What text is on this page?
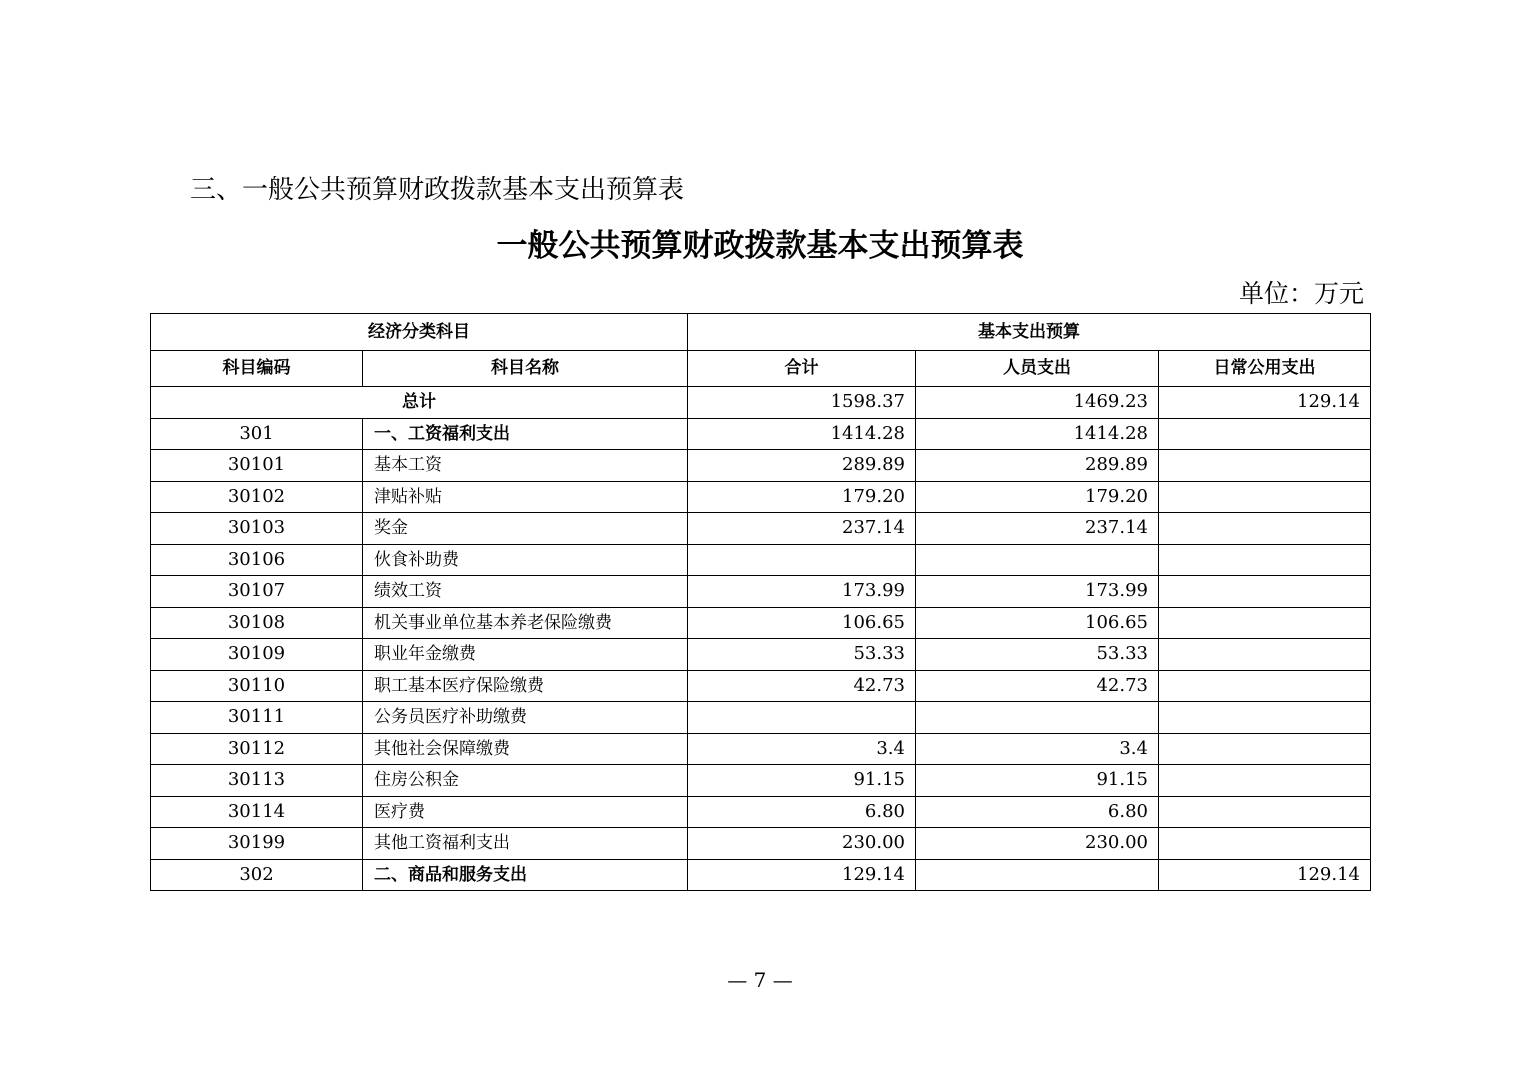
三、一般公共预算财政拨款基本支出预算表
一般公共预算财政拨款基本支出预算表
单位：万元
经济分类科目		基本支出预算		
科目编码	科目名称	合计	人员支出	日常公用支出
总计		1598.37	1469.23	129.14
301	一、工资福利支出	1414.28	1414.28	
30101	基本工资	289.89	289.89	
30102	津贴补贴	179.20	179.20	
30103	奖金	237.14	237.14	
30106	伙食补助费			
30107	绩效工资	173.99	173.99	
30108	机关事业单位基本养老保险缴费	106.65	106.65	
30109	职业年金缴费	53.33	53.33	
30110	职工基本医疗保险缴费	42.73	42.73	
30111	公务员医疗补助缴费			
30112	其他社会保障缴费	3.4	3.4	
30113	住房公积金	91.15	91.15	
30114	医疗费	6.80	6.80	
30199	其他工资福利支出	230.00	230.00	
302	二、商品和服务支出	129.14		129.14
— 7 —
